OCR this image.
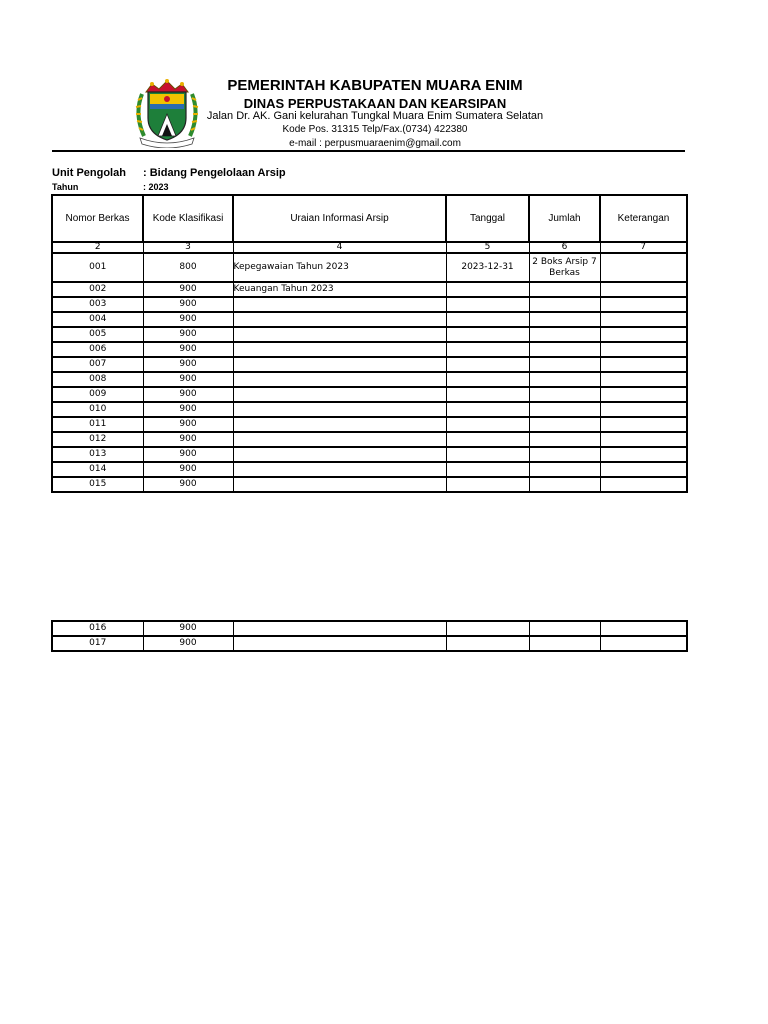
PEMERINTAH KABUPATEN MUARA ENIM
DINAS PERPUSTAKAAN DAN KEARSIPAN
Jalan Dr. AK. Gani kelurahan Tungkal Muara Enim Sumatera Selatan
Kode Pos. 31315 Telp/Fax.(0734) 422380
e-mail : perpusmuaraenim@gmail.com
Unit Pengolah : Bidang Pengelolaan Arsip
Tahun	: 2023
Nomor Berkas	Kode Klasifikasi	Uraian Informasi Arsip	Tanggal	Jumlah	Keterangan
2	3	4	5	6	7
001	800	Kepegawaian Tahun 2023	2023-12-31	2 Boks Arsip 7 Berkas	
002	900	Keuangan Tahun 2023			
003	900				
004	900				
005	900				
006	900				
007	900				
008	900				
009	900				
010	900				
011	900				
012	900				
013	900				
014	900				
015	900				
016	900				
017	900				
